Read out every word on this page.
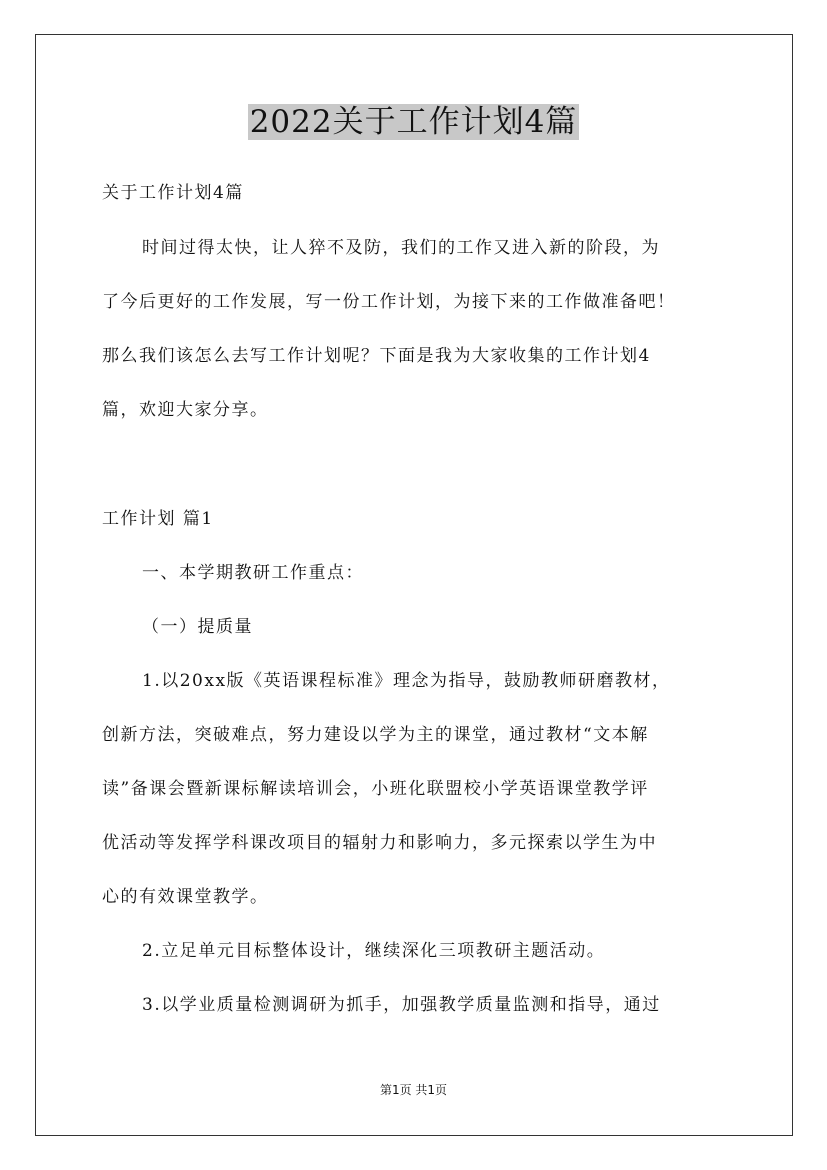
2022关于工作计划4篇
关于工作计划4篇
时间过得太快，让人猝不及防，我们的工作又进入新的阶段，为
了今后更好的工作发展，写一份工作计划，为接下来的工作做准备吧！
那么我们该怎么去写工作计划呢？下面是我为大家收集的工作计划4
篇，欢迎大家分享。
工作计划 篇1
一、本学期教研工作重点：
（一）提质量
1.以20xx版《英语课程标准》理念为指导，鼓励教师研磨教材，
创新方法，突破难点，努力建设以学为主的课堂，通过教材“文本解
读”备课会暨新课标解读培训会，小班化联盟校小学英语课堂教学评
优活动等发挥学科课改项目的辐射力和影响力，多元探索以学生为中
心的有效课堂教学。
2.立足单元目标整体设计，继续深化三项教研主题活动。
3.以学业质量检测调研为抓手，加强教学质量监测和指导，通过
第1页 共1页
